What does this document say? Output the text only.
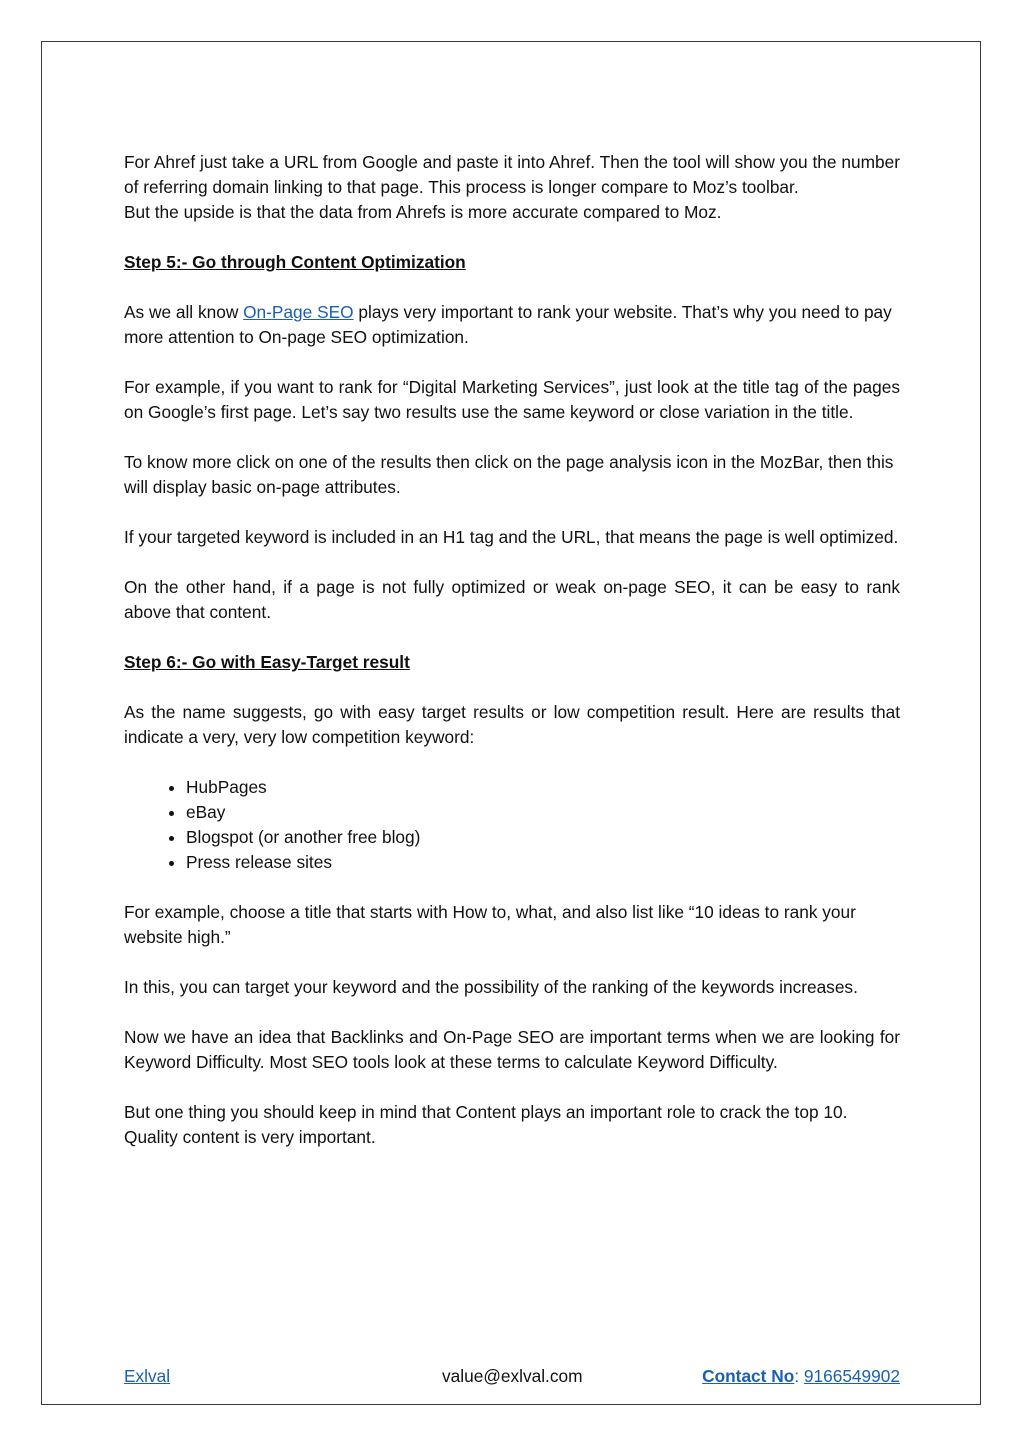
For Ahref just take a URL from Google and paste it into Ahref. Then the tool will show you the number of referring domain linking to that page. This process is longer compare to Moz’s toolbar.

But the upside is that the data from Ahrefs is more accurate compared to Moz.

Step 5:- Go through Content Optimization

As we all know On-Page SEO plays very important to rank your website. That’s why you need to pay more attention to On-page SEO optimization.

For example, if you want to rank for “Digital Marketing Services”, just look at the title tag of the pages on Google’s first page. Let’s say two results use the same keyword or close variation in the title.

To know more click on one of the results then click on the page analysis icon in the MozBar, then this will display basic on-page attributes.

If your targeted keyword is included in an H1 tag and the URL, that means the page is well optimized.

On the other hand, if a page is not fully optimized or weak on-page SEO, it can be easy to rank above that content.

Step 6:- Go with Easy-Target result

As the name suggests, go with easy target results or low competition result. Here are results that indicate a very, very low competition keyword:

• HubPages
• eBay
• Blogspot (or another free blog)
• Press release sites

For example, choose a title that starts with How to, what, and also list like “10 ideas to rank your website high.”

In this, you can target your keyword and the possibility of the ranking of the keywords increases.

Now we have an idea that Backlinks and On-Page SEO are important terms when we are looking for Keyword Difficulty. Most SEO tools look at these terms to calculate Keyword Difficulty.

But one thing you should keep in mind that Content plays an important role to crack the top 10. Quality content is very important.

Exlval	value@exlval.com	Contact No: 9166549902
